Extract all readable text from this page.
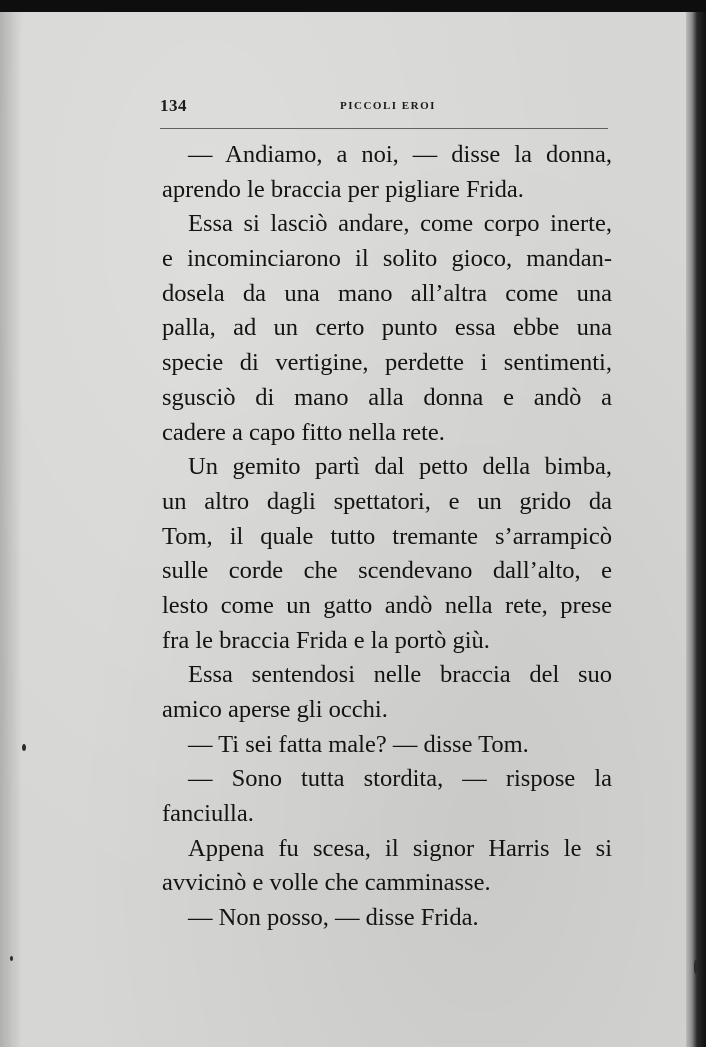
134	PICCOLI EROI
— Andiamo, a noi, — disse la donna,
aprendo le braccia per pigliare Frida.
Essa si lasciò andare, come corpo inerte,
e incominciarono il solito gioco, mandan-
dosela da una mano all’altra come una
palla, ad un certo punto essa ebbe una
specie di vertigine, perdette i sentimenti,
sgusciò di mano alla donna e andò a
cadere a capo fitto nella rete.
Un gemito partì dal petto della bimba,
un altro dagli spettatori, e un grido da
Tom, il quale tutto tremante s’arrampicò
sulle corde che scendevano dall’alto, e
lesto come un gatto andò nella rete, prese
fra le braccia Frida e la portò giù.
Essa sentendosi nelle braccia del suo
amico aperse gli occhi.
— Ti sei fatta male? — disse Tom.
— Sono tutta stordita, — rispose la
fanciulla.
Appena fu scesa, il signor Harris le si
avvicinò e volle che camminasse.
— Non posso, — disse Frida.
